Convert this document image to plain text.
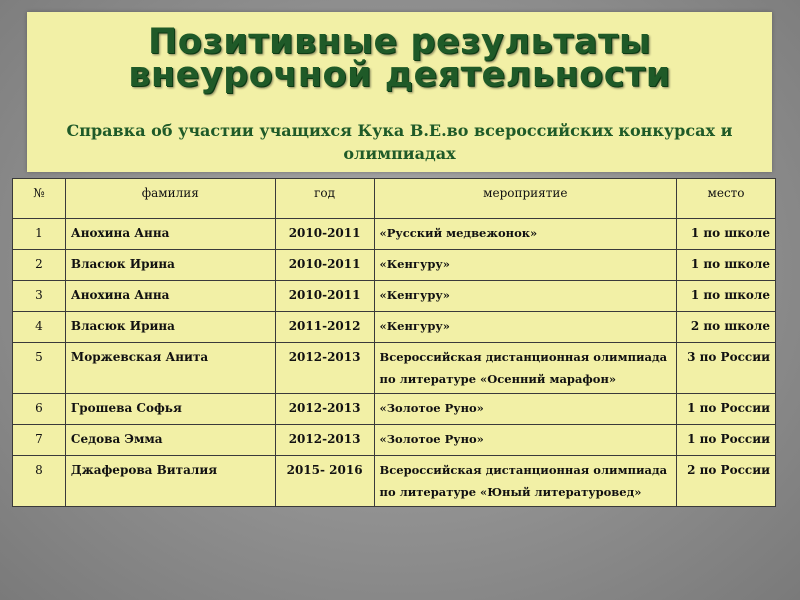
Позитивные результаты
внеурочной деятельности
Справка об участии учащихся Кука В.Е.во всероссийских конкурсах и
олимпиадах
№	фамилия	год	мероприятие	место
1	Анохина Анна	2010-2011	«Русский медвежонок»	1 по школе
2	Власюк Ирина	2010-2011	«Кенгуру»	1 по школе
3	Анохина Анна	2010-2011	«Кенгуру»	1 по школе
4	Власюк Ирина	2011-2012	«Кенгуру»	2 по школе
5	Моржевская Анита	2012-2013	Всероссийская дистанционная олимпиада по литературе «Осенний марафон»	3 по России
6	Грошева Софья	2012-2013	«Золотое Руно»	1 по России
7	Седова Эмма	2012-2013	«Золотое Руно»	1 по России
8	Джаферова Виталия	2015- 2016	Всероссийская дистанционная олимпиада по литературе «Юный литературовед»	2 по России
